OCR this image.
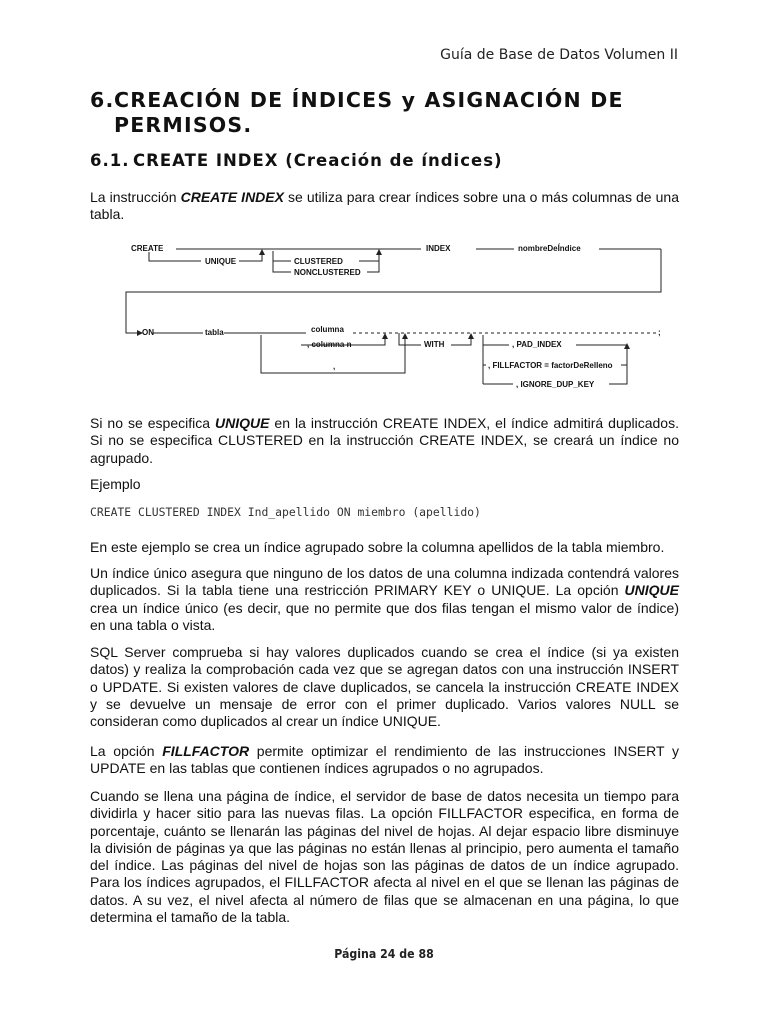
Guía de Base de Datos Volumen II
6.CREACIÓN DE ÍNDICES y ASIGNACIÓN DE
PERMISOS.
6.1. CREATE INDEX (Creación de índices)
La instrucción CREATE INDEX se utiliza para crear índices sobre una o más columnas de una tabla.
CREATE
UNIQUE	CLUSTERED
NONCLUSTERED
INDEX	nombreDeÍndice
ON	tabla	columna
, columna n
,
WITH	, PAD_INDEX
, FILLFACTOR = factorDeRelleno
, IGNORE_DUP_KEY
;
Si no se especifica UNIQUE en la instrucción CREATE INDEX, el índice admitirá duplicados. Si no se especifica CLUSTERED en la instrucción CREATE INDEX, se creará un índice no agrupado.
Ejemplo
CREATE CLUSTERED INDEX Ind_apellido ON miembro (apellido)
En este ejemplo se crea un índice agrupado sobre la columna apellidos de la tabla miembro.
Un índice único asegura que ninguno de los datos de una columna indizada contendrá valores duplicados. Si la tabla tiene una restricción PRIMARY KEY o UNIQUE. La opción UNIQUE crea un índice único (es decir, que no permite que dos filas tengan el mismo valor de índice) en una tabla o vista.
SQL Server comprueba si hay valores duplicados cuando se crea el índice (si ya existen datos) y realiza la comprobación cada vez que se agregan datos con una instrucción INSERT o UPDATE. Si existen valores de clave duplicados, se cancela la instrucción CREATE INDEX y se devuelve un mensaje de error con el primer duplicado. Varios valores NULL se consideran como duplicados al crear un índice UNIQUE.
La opción FILLFACTOR permite optimizar el rendimiento de las instrucciones INSERT y UPDATE en las tablas que contienen índices agrupados o no agrupados.
Cuando se llena una página de índice, el servidor de base de datos necesita un tiempo para dividirla y hacer sitio para las nuevas filas. La opción FILLFACTOR especifica, en forma de porcentaje, cuánto se llenarán las páginas del nivel de hojas. Al dejar espacio libre disminuye la división de páginas ya que las páginas no están llenas al principio, pero aumenta el tamaño del índice. Las páginas del nivel de hojas son las páginas de datos de un índice agrupado. Para los índices agrupados, el FILLFACTOR afecta al nivel en el que se llenan las páginas de datos. A su vez, el nivel afecta al número de filas que se almacenan en una página, lo que determina el tamaño de la tabla.
Página 24 de 88
